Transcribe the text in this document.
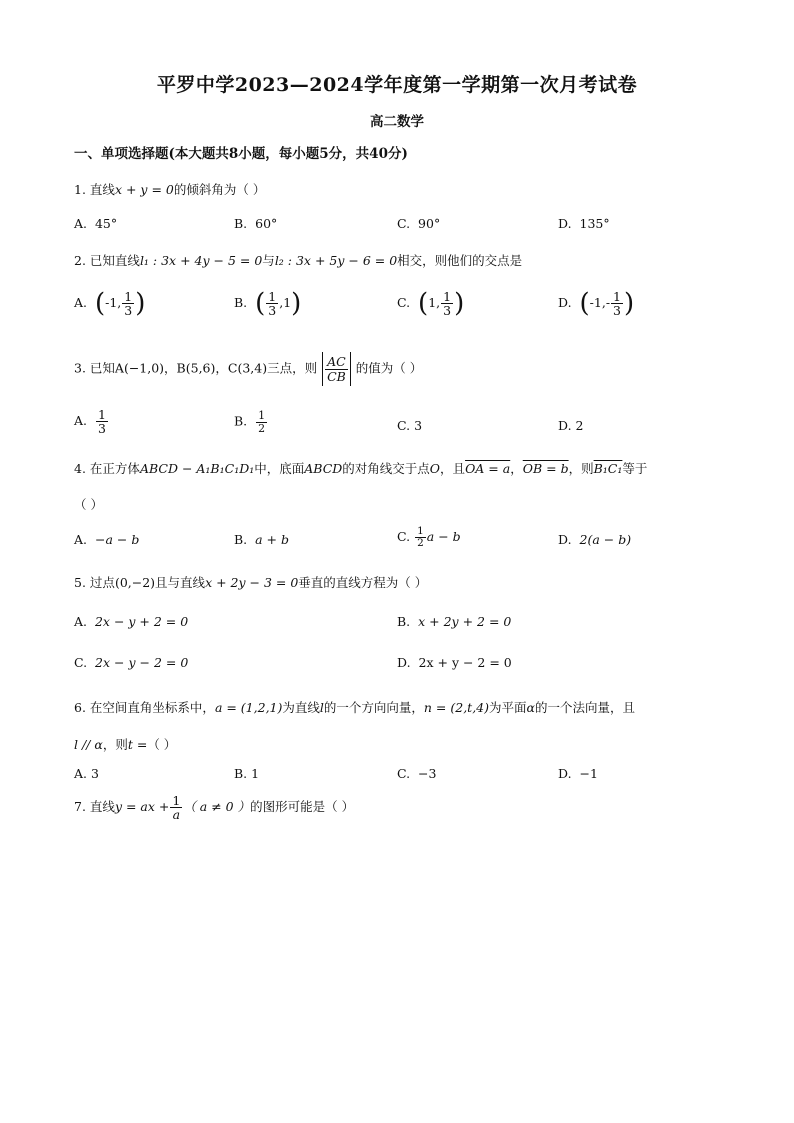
平罗中学2023—2024学年度第一学期第一次月考试卷
高二数学
一、单项选择题(本大题共8小题，每小题5分，共40分)
1. 直线x + y = 0的倾斜角为（ ）
A. 45°	B. 60°	C. 90°	D. 135°
2. 已知直线l₁ : 3x + 4y − 5 = 0与l₂ : 3x + 5y − 6 = 0相交，则他们的交点是
A. (-1, $\frac{1}{3}$ )	B. ( $\frac{1}{3} ,1$)	C. (1, $\frac{1}{3}$ )	D. ($-1,- \frac{1}{3}$ )
3. 已知A(−1,0)，B(5,6)，C(3,4)三点，则 $\frac{AC}{CB}$ 的值为（ ）
A. $\frac{1}{3}$	B. $\frac{1}{2}$	C. 3	D. 2
4. 在正方体ABCD − A₁B₁C₁D₁中，底面ABCD的对角线交于点O，且OA = a，OB = b，则B₁C₁等于
（ ）
A. −a − b	B. a + b	C. $\frac{1}{2}$ a − b	D. 2(a − b)
5. 过点(0,−2)且与直线x + 2y − 3 = 0垂直的直线方程为（ ）
A. 2x − y + 2 = 0	B. x + 2y + 2 = 0
C. 2x − y − 2 = 0	D. 2x + y − 2 = 0
6. 在空间直角坐标系中，a = (1,2,1)为直线l的一个方向向量，n = (2,t,4)为平面α的一个法向量，且
l // α，则t =（ ）
A. 3	B. 1	C. −3	D. −1
7. 直线y = ax + $\frac{1}{a}$ （ a ≠ 0 ）的图形可能是（ ）
